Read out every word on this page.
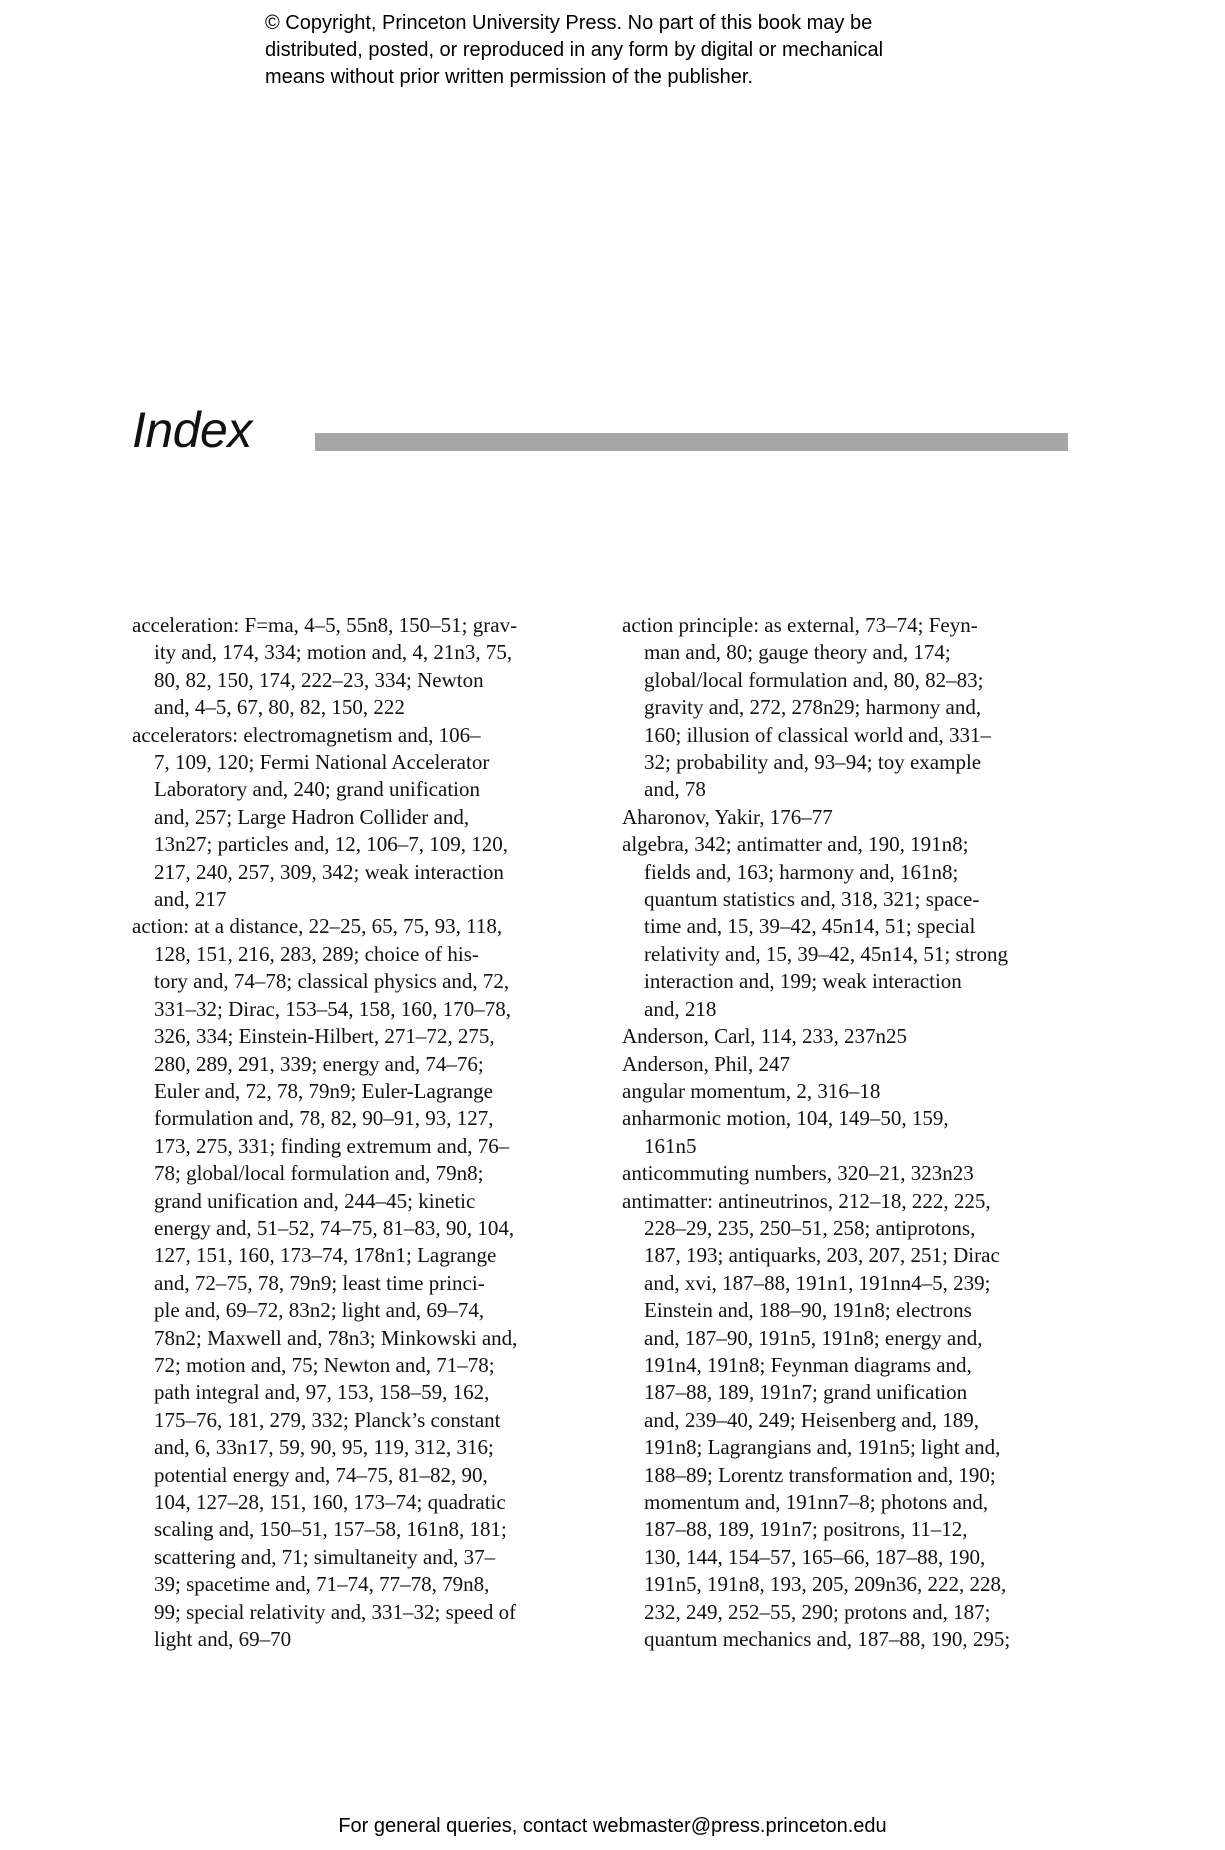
© Copyright, Princeton University Press. No part of this book may be
distributed, posted, or reproduced in any form by digital or mechanical
means without prior written permission of the publisher.
Index
acceleration: F=ma, 4–5, 55n8, 150–51; grav-
ity and, 174, 334; motion and, 4, 21n3, 75,
80, 82, 150, 174, 222–23, 334; Newton
and, 4–5, 67, 80, 82, 150, 222
accelerators: electromagnetism and, 106–
7, 109, 120; Fermi National Accelerator
Laboratory and, 240; grand unification
and, 257; Large Hadron Collider and,
13n27; particles and, 12, 106–7, 109, 120,
217, 240, 257, 309, 342; weak interaction
and, 217
action: at a distance, 22–25, 65, 75, 93, 118,
128, 151, 216, 283, 289; choice of his-
tory and, 74–78; classical physics and, 72,
331–32; Dirac, 153–54, 158, 160, 170–78,
326, 334; Einstein-Hilbert, 271–72, 275,
280, 289, 291, 339; energy and, 74–76;
Euler and, 72, 78, 79n9; Euler-Lagrange
formulation and, 78, 82, 90–91, 93, 127,
173, 275, 331; finding extremum and, 76–
78; global/local formulation and, 79n8;
grand unification and, 244–45; kinetic
energy and, 51–52, 74–75, 81–83, 90, 104,
127, 151, 160, 173–74, 178n1; Lagrange
and, 72–75, 78, 79n9; least time princi-
ple and, 69–72, 83n2; light and, 69–74,
78n2; Maxwell and, 78n3; Minkowski and,
72; motion and, 75; Newton and, 71–78;
path integral and, 97, 153, 158–59, 162,
175–76, 181, 279, 332; Planck’s constant
and, 6, 33n17, 59, 90, 95, 119, 312, 316;
potential energy and, 74–75, 81–82, 90,
104, 127–28, 151, 160, 173–74; quadratic
scaling and, 150–51, 157–58, 161n8, 181;
scattering and, 71; simultaneity and, 37–
39; spacetime and, 71–74, 77–78, 79n8,
99; special relativity and, 331–32; speed of
light and, 69–70
action principle: as external, 73–74; Feyn-
man and, 80; gauge theory and, 174;
global/local formulation and, 80, 82–83;
gravity and, 272, 278n29; harmony and,
160; illusion of classical world and, 331–
32; probability and, 93–94; toy example
and, 78
Aharonov, Yakir, 176–77
algebra, 342; antimatter and, 190, 191n8;
fields and, 163; harmony and, 161n8;
quantum statistics and, 318, 321; space-
time and, 15, 39–42, 45n14, 51; special
relativity and, 15, 39–42, 45n14, 51; strong
interaction and, 199; weak interaction
and, 218
Anderson, Carl, 114, 233, 237n25
Anderson, Phil, 247
angular momentum, 2, 316–18
anharmonic motion, 104, 149–50, 159,
161n5
anticommuting numbers, 320–21, 323n23
antimatter: antineutrinos, 212–18, 222, 225,
228–29, 235, 250–51, 258; antiprotons,
187, 193; antiquarks, 203, 207, 251; Dirac
and, xvi, 187–88, 191n1, 191nn4–5, 239;
Einstein and, 188–90, 191n8; electrons
and, 187–90, 191n5, 191n8; energy and,
191n4, 191n8; Feynman diagrams and,
187–88, 189, 191n7; grand unification
and, 239–40, 249; Heisenberg and, 189,
191n8; Lagrangians and, 191n5; light and,
188–89; Lorentz transformation and, 190;
momentum and, 191nn7–8; photons and,
187–88, 189, 191n7; positrons, 11–12,
130, 144, 154–57, 165–66, 187–88, 190,
191n5, 191n8, 193, 205, 209n36, 222, 228,
232, 249, 252–55, 290; protons and, 187;
quantum mechanics and, 187–88, 190, 295;
For general queries, contact webmaster@press.princeton.edu
